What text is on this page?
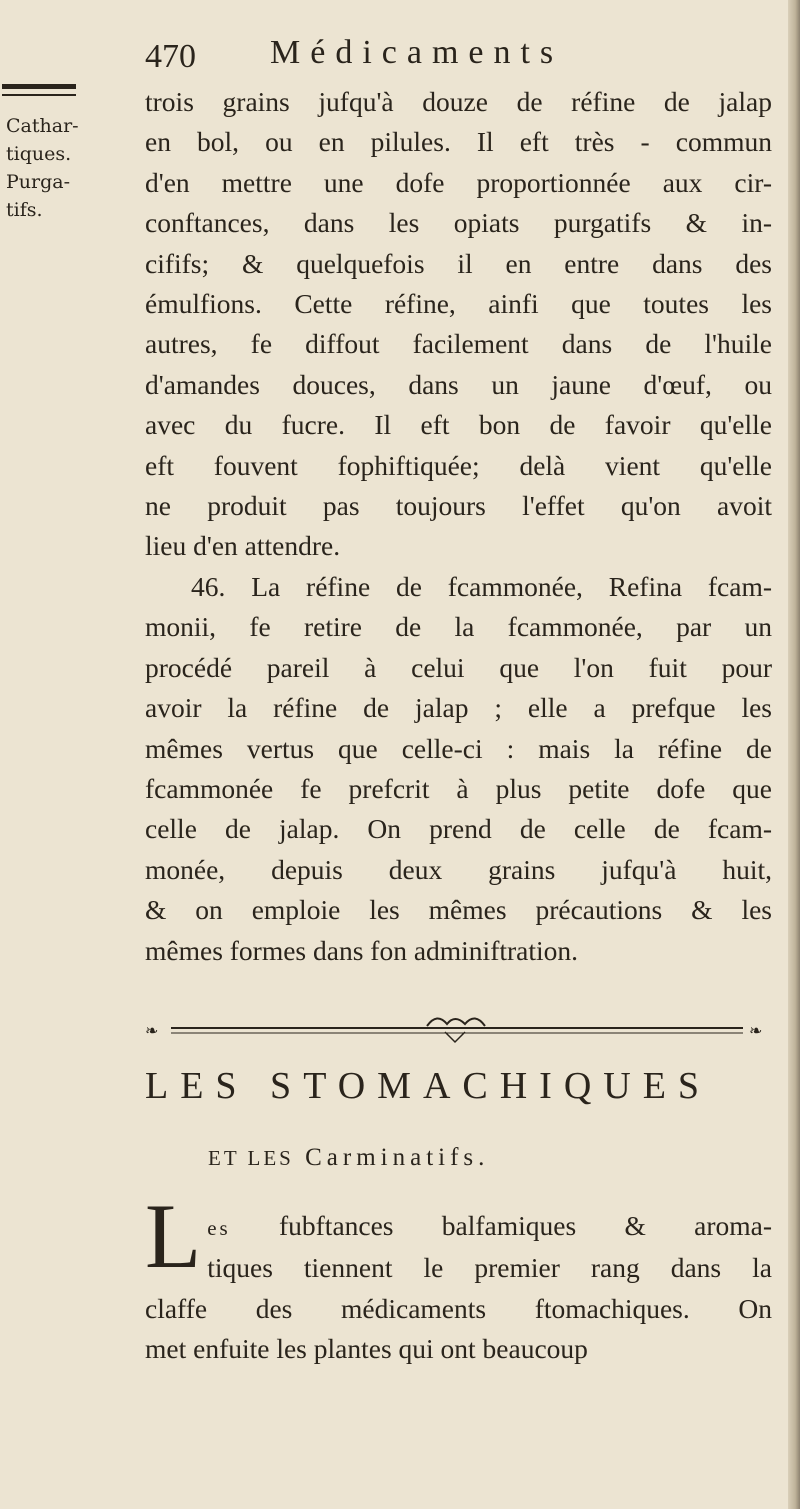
470 Médicaments
Cathar-
tiques.
Purga-
tifs.
trois grains jufqu'à douze de réfine de jalap
en bol, ou en pilules. Il eft très - commun
d'en mettre une dofe proportionnée aux cir-
conftances, dans les opiats purgatifs & in-
cififs; & quelquefois il en entre dans des
émulfions. Cette réfine, ainfi que toutes les
autres, fe diffout facilement dans de l'huile
d'amandes douces, dans un jaune d'œuf, ou
avec du fucre. Il eft bon de favoir qu'elle
eft fouvent fophiftiquée; delà vient qu'elle
ne produit pas toujours l'effet qu'on avoit
lieu d'en attendre.
46. La réfine de fcammonée, Refina fcam-
monii, fe retire de la fcammonée, par un
procédé pareil à celui que l'on fuit pour
avoir la réfine de jalap ; elle a prefque les
mêmes vertus que celle-ci : mais la réfine de
fcammonée fe prefcrit à plus petite dofe que
celle de jalap. On prend de celle de fcam-
monée, depuis deux grains jufqu'à huit,
& on emploie les mêmes précautions & les
mêmes formes dans fon adminiftration.
❧	❧
LES STOMACHIQUES
ET LES Carminatifs.
L es fubftances balfamiques & aroma-
tiques tiennent le premier rang dans la
claffe des médicaments ftomachiques. On
met enfuite les plantes qui ont beaucoup
